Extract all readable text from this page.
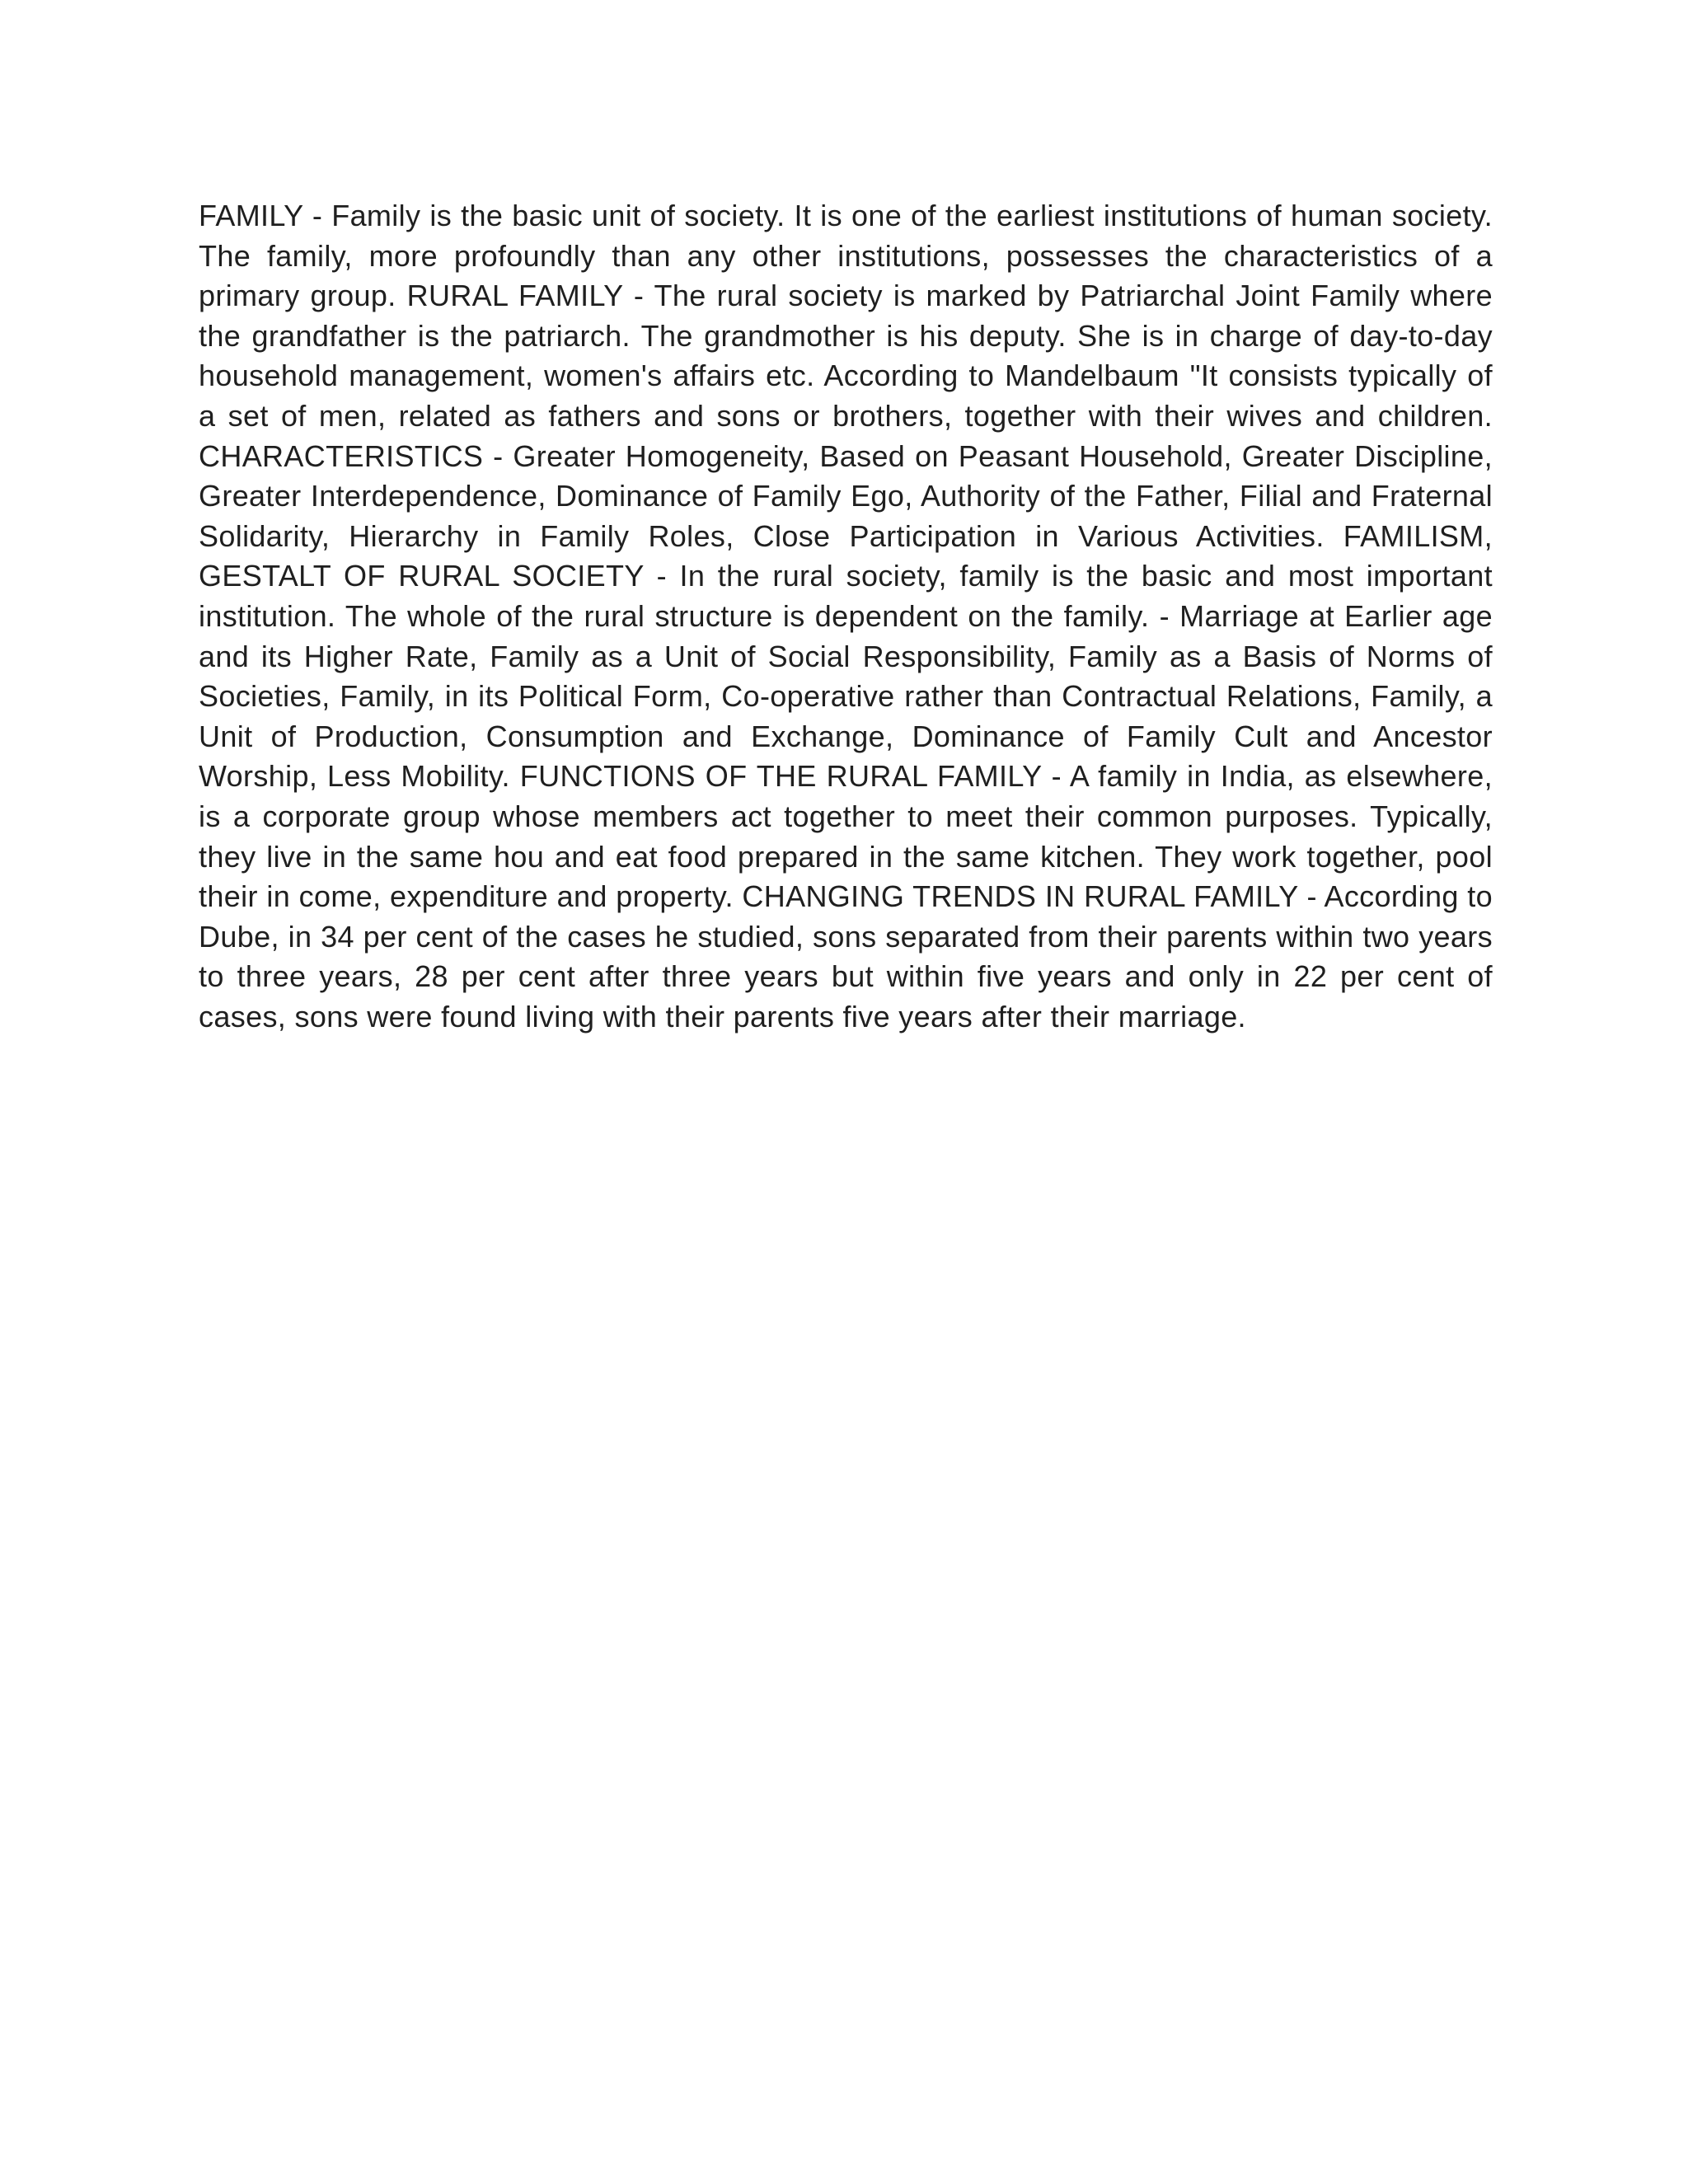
FAMILY - Family is the basic unit of society. It is one of the earliest institutions of human society. The family, more profoundly than any other institutions, possesses the characteristics of a primary group. RURAL FAMILY - The rural society is marked by Patriarchal Joint Family where the grandfather is the patriarch. The grandmother is his deputy. She is in charge of day-to-day household management, women's affairs etc. According to Mandelbaum "It consists typically of a set of men, related as fathers and sons or brothers, together with their wives and children. CHARACTERISTICS - Greater Homogeneity, Based on Peasant Household, Greater Discipline, Greater Interdependence, Dominance of Family Ego, Authority of the Father, Filial and Fraternal Solidarity, Hierarchy in Family Roles, Close Participation in Various Activities. FAMILISM, GESTALT OF RURAL SOCIETY - In the rural society, family is the basic and most important institution. The whole of the rural structure is dependent on the family. - Marriage at Earlier age and its Higher Rate, Family as a Unit of Social Responsibility, Family as a Basis of Norms of Societies, Family, in its Political Form, Co-operative rather than Contractual Relations, Family, a Unit of Production, Consumption and Exchange, Dominance of Family Cult and Ancestor Worship, Less Mobility. FUNCTIONS OF THE RURAL FAMILY - A family in India, as elsewhere, is a corporate group whose members act together to meet their common purposes. Typically, they live in the same hou and eat food prepared in the same kitchen. They work together, pool their in come, expenditure and property. CHANGING TRENDS IN RURAL FAMILY - According to Dube, in 34 per cent of the cases he studied, sons separated from their parents within two years to three years, 28 per cent after three years but within five years and only in 22 per cent of cases, sons were found living with their parents five years after their marriage.
